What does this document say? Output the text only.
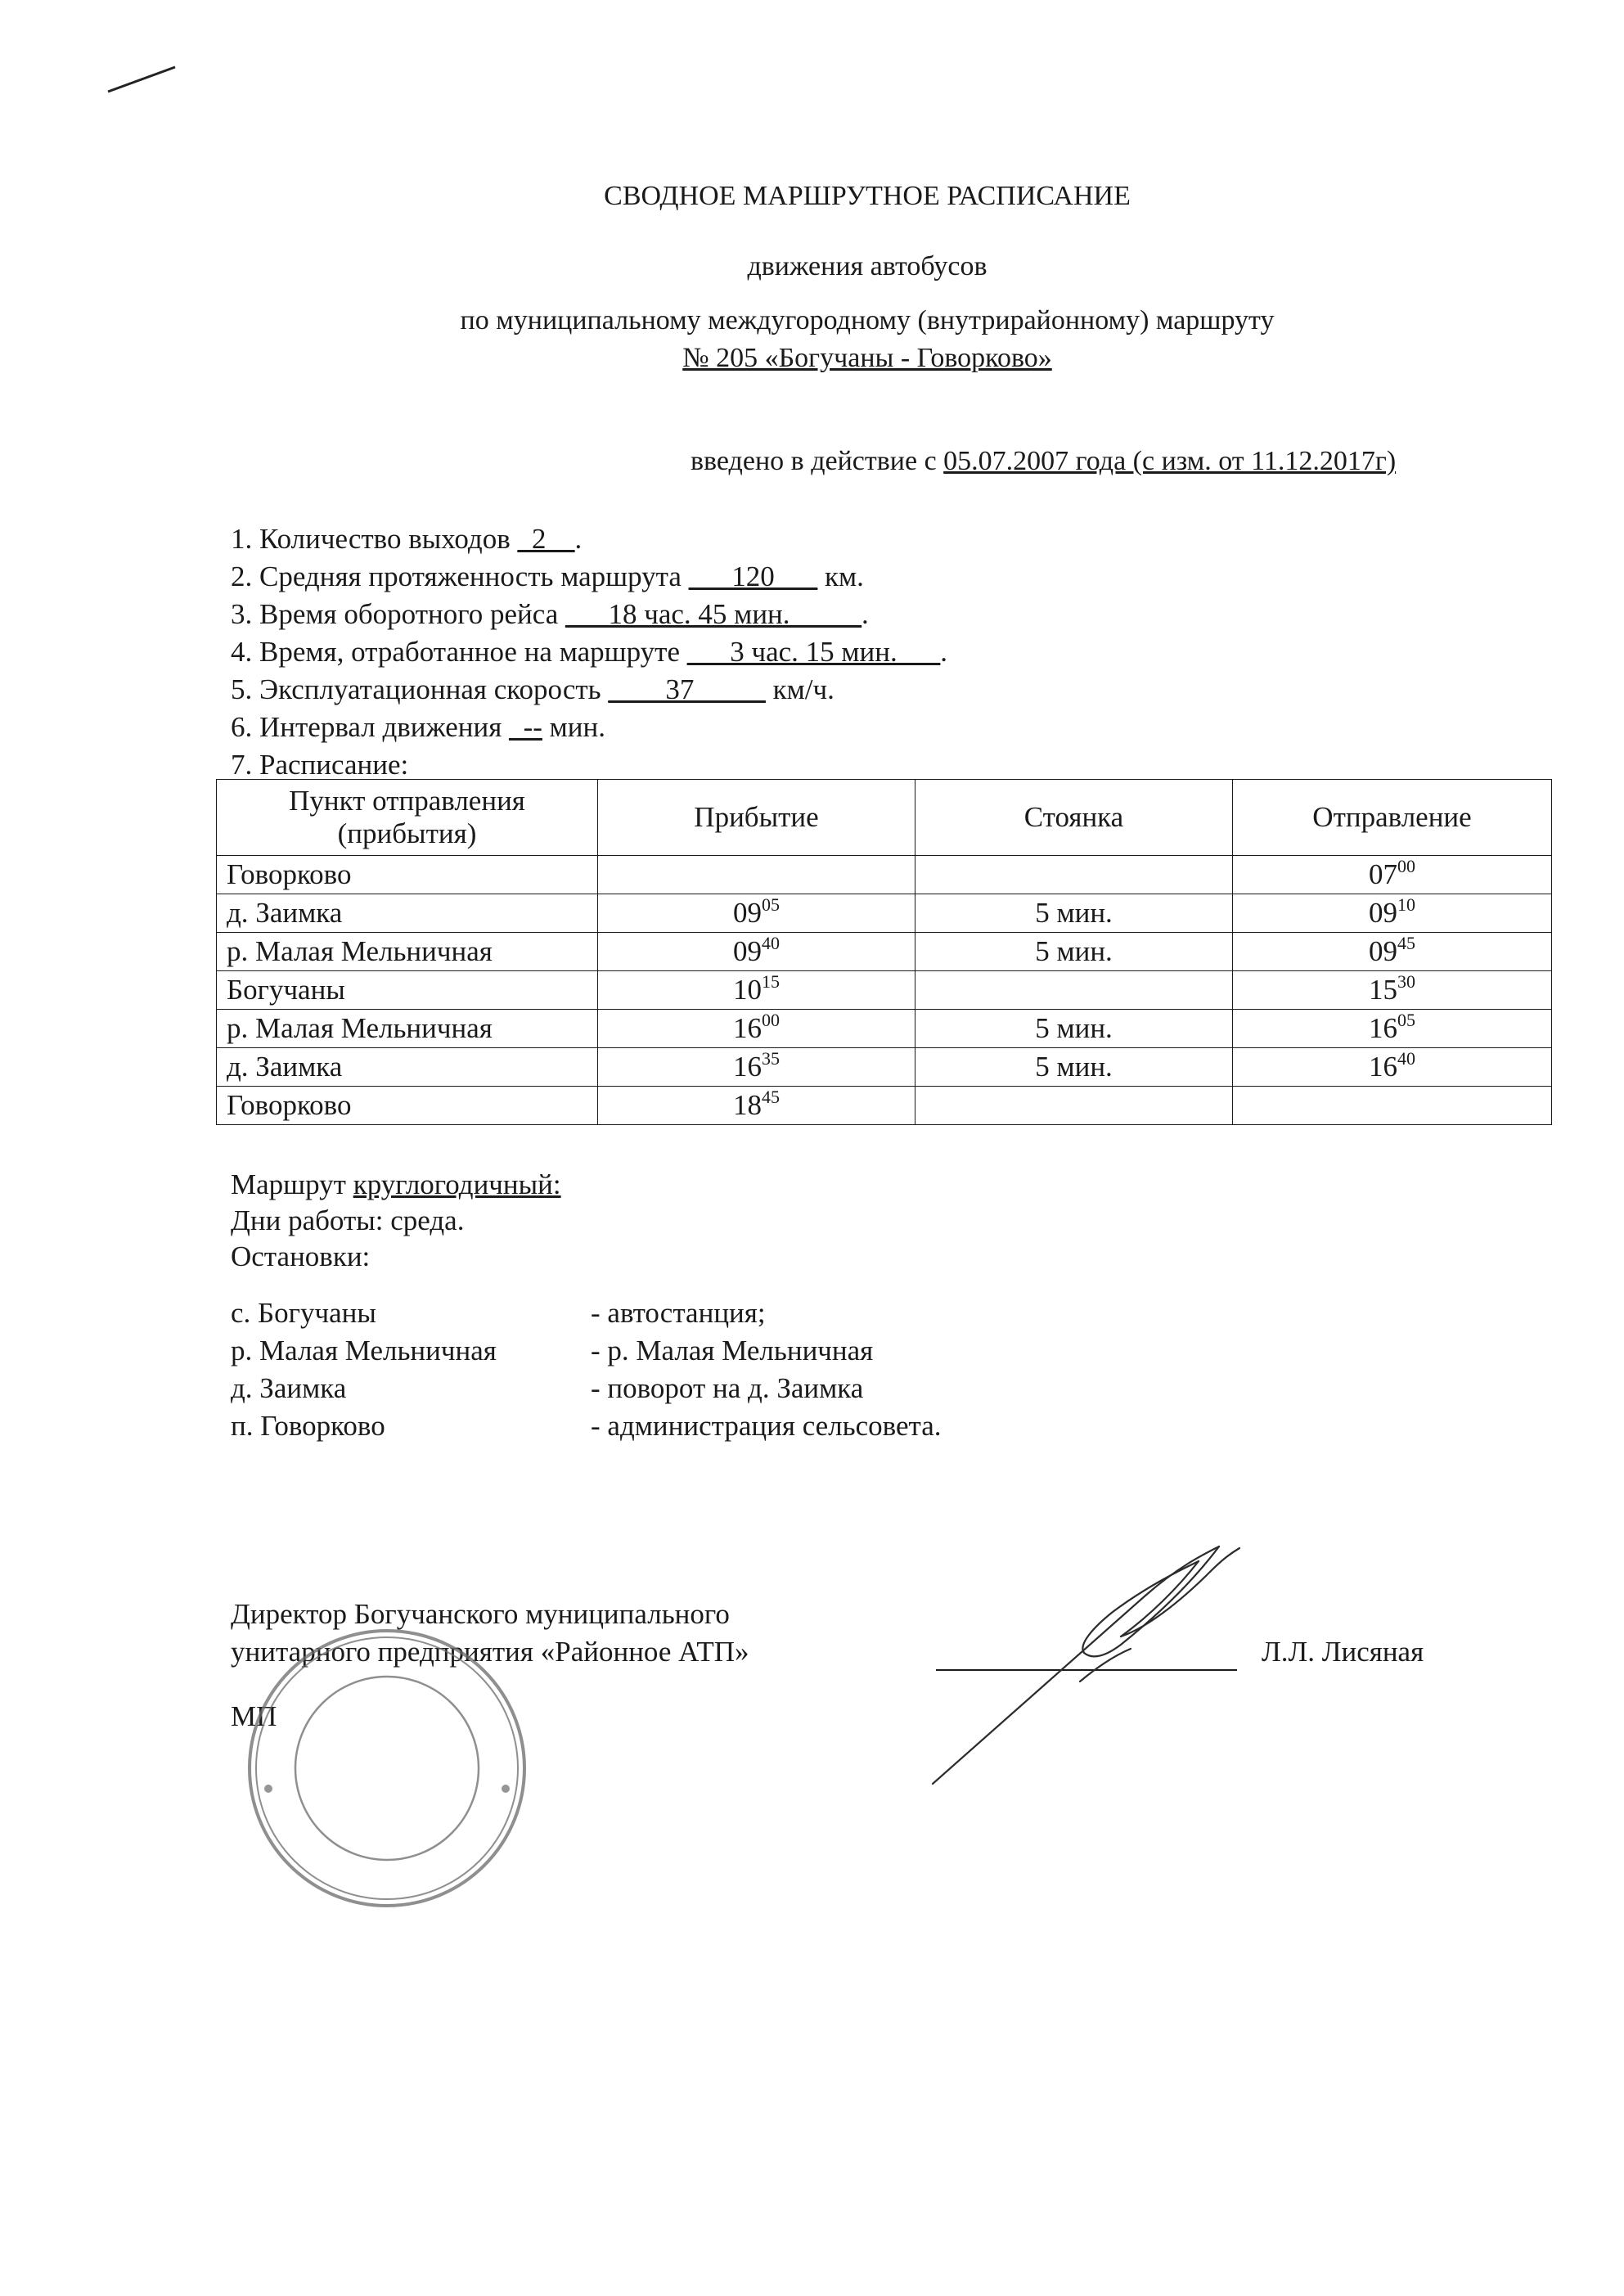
СВОДНОЕ МАРШРУТНОЕ РАСПИСАНИЕ
движения автобусов
по муниципальному междугородному (внутрирайонному) маршруту
№ 205 «Богучаны - Говорково»
введено в действие с 05.07.2007 года (с изм. от 11.12.2017г)
1. Количество выходов _2__.
2. Средняя протяженность маршрута ___120___ км.
3. Время оборотного рейса ___18 час. 45 мин._____.
4. Время, отработанное на маршруте ___3 час. 15 мин.___.
5. Эксплуатационная скорость ____37_____ км/ч.
6. Интервал движения _-- мин.
7. Расписание:
Пункт отправления (прибытия)	Прибытие	Стоянка	Отправление
Говорково			$07^{00}$
д. Заимка	$09^{05}$	5 мин.	$09^{10}$
р. Малая Мельничная	$09^{40}$	5 мин.	$09^{45}$
Богучаны	$10^{15}$		$15^{30}$
р. Малая Мельничная	$16^{00}$	5 мин.	$16^{05}$
д. Заимка	$16^{35}$	5 мин.	$16^{40}$
Говорково	$18^{45}$		
Маршрут круглогодичный:
Дни работы: среда.
Остановки:
с. Богучаны	- автостанция;
р. Малая Мельничная	- р. Малая Мельничная
д. Заимка	- поворот на д. Заимка
п. Говорково	- администрация сельсовета.
Директор Богучанского муниципального
унитарного предприятия «Районное АТП»
МП
Л.Л. Лисяная
